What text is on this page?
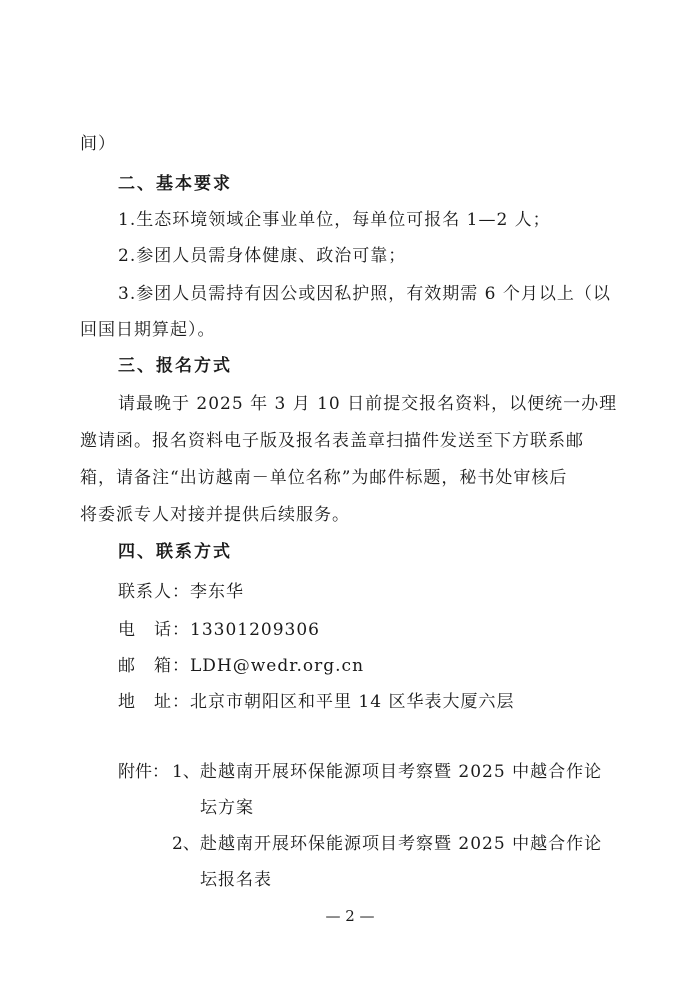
间）
二、基本要求
1.生态环境领域企事业单位，每单位可报名 1—2 人；
2.参团人员需身体健康、政治可靠；
3.参团人员需持有因公或因私护照，有效期需 6 个月以上（以
回国日期算起）。
三、报名方式
请最晚于 2025 年 3 月 10 日前提交报名资料，以便统一办理
邀请函。报名资料电子版及报名表盖章扫描件发送至下方联系邮
箱，请备注“出访越南－单位名称”为邮件标题，秘书处审核后
将委派专人对接并提供后续服务。
四、联系方式
联系人：李东华
电　话：13301209306
邮　箱：LDH@wedr.org.cn
地　址：北京市朝阳区和平里 14 区华表大厦六层
附件： 1、 赴越南开展环保能源项目考察暨 2025 中越合作论
坛方案
2、 赴越南开展环保能源项目考察暨 2025 中越合作论
坛报名表
— 2 —
